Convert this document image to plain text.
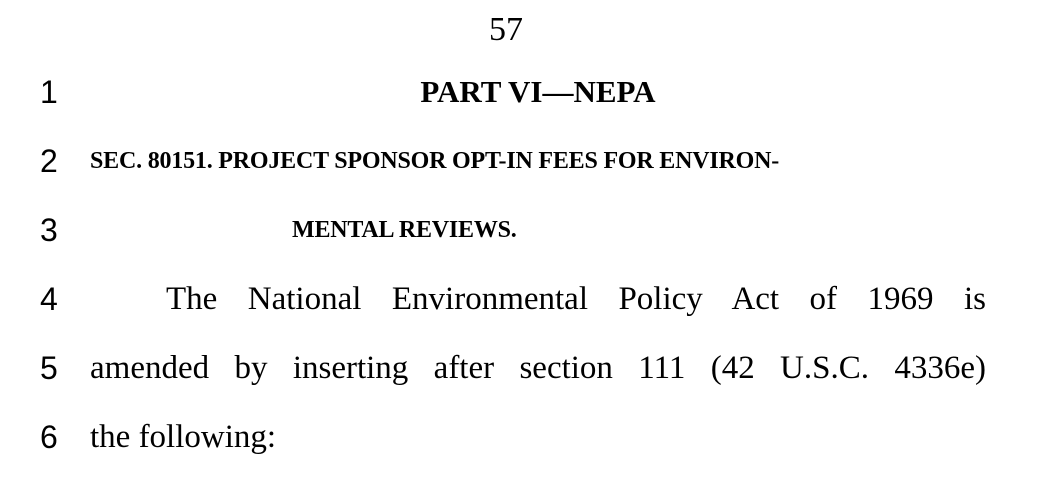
57
1	PART VI—NEPA
2 SEC. 80151. PROJECT SPONSOR OPT-IN FEES FOR ENVIRON-
3	MENTAL REVIEWS.
4	The National Environmental Policy Act of 1969 is
5 amended by inserting after section 111 (42 U.S.C. 4336e)
6 the following:
